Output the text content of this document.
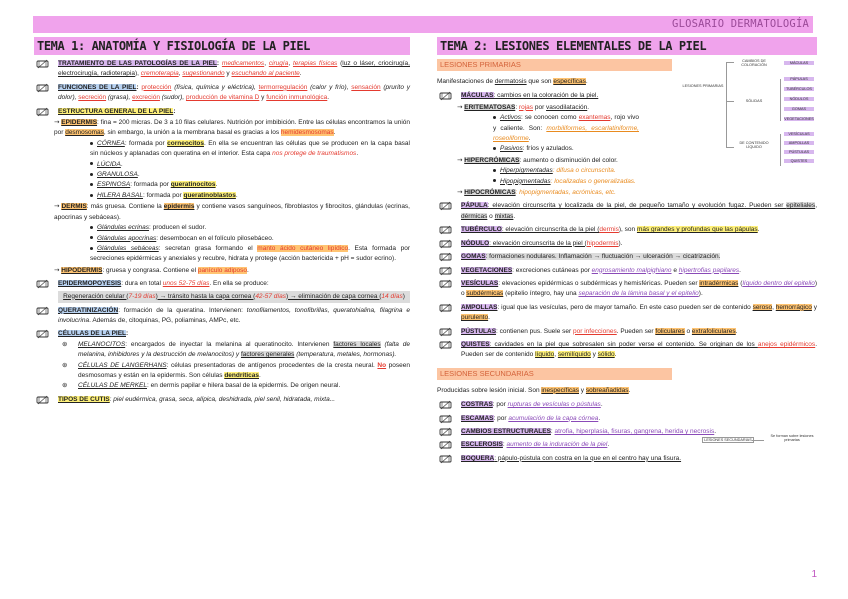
GLOSARIO DERMATOLOGÍA
TEMA 1: ANATOMÍA Y FISIOLOGÍA DE LA PIEL
TRATAMIENTO DE LAS PATOLOGÍAS DE LA PIEL: medicamentos, cirugía, terapias físicas (luz o láser, criocirugía, electrocirugía, radioterapia), cremoterapia, sugestionando y escuchando al paciente.
FUNCIONES DE LA PIEL: protección (física, química y eléctrica), termorregulación (calor y frío), sensación (prurito y dolor), secreción (grasa), excreción (sudor), producción de vitamina D y función inmunológica.
ESTRUCTURA GENERAL DE LA PIEL:
→ EPIDERMIS: fina = 200 micras. De 3 a 10 filas celulares. Nutrición por imbibición. Entre las células encontramos la unión por desmosomas, sin embargo, la unión a la membrana basal es gracias a los hemidesmosomas.
CÓRNEA: formada por corneocitos. En ella se encuentran las células que se producen en la capa basal sin núcleos y aplanadas con queratina en el interior. Esta capa nos protege de traumatismos.
LÚCIDA.
GRANULOSA.
ESPINOSA: formada por queratinocitos.
HILERA BASAL: formada por queratinoblastos.
→ DERMIS: más gruesa. Contiene la epidermis y contiene vasos sanguíneos, fibroblastos y fibrocitos, glándulas (ecrinas, apocrinas y sebáceas).
Glándulas ecrinas: producen el sudor.
Glándulas apocrinas: desembocan en el folículo pilosebáceo.
Glándulas sebáceas: secretan grasa formando el manto ácido cutáneo lipídico. Esta formada por secreciones epidérmicas y anexiales y recubre, hidrata y protege (acción bactericida + pH = sudor ecrino).
→ HIPODERMIS: gruesa y congrasa. Contiene el panículo adiposo.
EPIDERMOPOYESIS: dura en total unos 52-75 días. En ella se produce:
Regeneración celular (7-19 días) → tránsito hasta la capa cornea (42-57 días) → eliminación de capa cornea (14 días)
QUERATINIZACIÓN: formación de la queratina. Intervienen: tonofilamentos, tonofibrillas, queratohialina, filagrina e involucrina. Además de, citoquinas, PG, poliaminas, AMPc, etc.
CÉLULAS DE LA PIEL:
⊛ MELANOCITOS: encargados de inyectar la melanina al queratinocito. Intervienen factores locales (falta de melanina, inhibidores y la destrucción de melanocitos) y factores generales (temperatura, metales, hormonas).
⊛ CÉLULAS DE LANGERHANS: células presentadoras de antígenos procedentes de la cresta neural. No poseen desmosomas y están en la epidermis. Son células dendríticas.
⊛ CÉLULAS DE MERKEL: en dermis papilar e hilera basal de la epidermis. De origen neural.
TIPOS DE CUTIS: piel eudérmica, grasa, seca, alípica, deshidrada, piel senil, hidratada, mixta...
TEMA 2: LESIONES ELEMENTALES DE LA PIEL
LESIONES PRIMARIAS
Manifestaciones de dermatosis que son específicas.
MÁCULAS: cambios en la coloración de la piel.
→ ERITEMATOSAS: rojas por vasodilatación.
Activos: se conocen como exantemas, rojo vivo y caliente. Son: morbiliformes, escarlatiniforme, roseoliforme.
Pasivos: fríos y azulados.
→ HIPERCRÓMICAS: aumento o disminución del color.
Hiperpigmentadas: difusa o circunscrita.
Hipopigmentadas: localizadas o generalizadas.
→ HIPOCRÓMICAS: hipopigmentadas, acrómicas, etc.
PÁPULA: elevación circunscrita y localizada de la piel, de pequeño tamaño y evolución fugaz. Pueden ser epiteliales, dérmicas o mixtas.
TUBÉRCULO: elevación circunscrita de la piel (dermis), son más grandes y profundas que las pápulas.
NÓDULO: elevación circunscrita de la piel (hipodermis).
GOMAS: formaciones nodulares. Inflamación → fluctuación → ulceración → cicatrización.
VEGETACIONES: excreciones cutáneas por engrosamiento malpighiano e hipertrofias papilares.
VESÍCULAS: elevaciones epidérmicas o subdérmicas y hemisféricas. Pueden ser intradérmicas (líquido dentro del epitelio) o subdérmicas (epitelio íntegro, hay una separación de la lámina basal y el epitelio).
AMPOLLAS: igual que las vesículas, pero de mayor tamaño. En este caso pueden ser de contenido seroso, hemorrágico y purulento.
PÚSTULAS: contienen pus. Suele ser por infecciones. Pueden ser foliculares o extrafoliculares.
QUISTES: cavidades en la piel que sobresalen sin poder verse el contenido. Se originan de los anejos epidérmicos. Pueden ser de contenido líquido, semilíquido y sólido.
LESIONES SECUNDARIAS
Producidas sobre lesión inicial. Son inespecíficas y sobreañadidas.
COSTRAS: por rupturas de vesículas o pústulas.
ESCAMAS: por acumulación de la capa córnea.
CAMBIOS ESTRUCTURALES: atrofia, hiperplasia, fisuras, gangrena, herida y necrosis.
ESCLEROSIS: aumento de la induración de la piel.
BOQUERA: pápulo-pústula con costra en la que en el centro hay una fisura.
LESIONES PRIMARIAS
CAMBIOS DE COLORACIÓN
SÓLIDAS
DE CONTENIDO LÍQUIDO
MÁCULAS
PÁPULAS
TUBÉRCULOS
NÓDULOS
GOMAS
VEGETACIONES
VESÍCULAS
AMPOLLAS
PÚSTULAS
QUISTES
LESIONES SECUNDARIAS
Se forman sobre lesiones primarias
1
